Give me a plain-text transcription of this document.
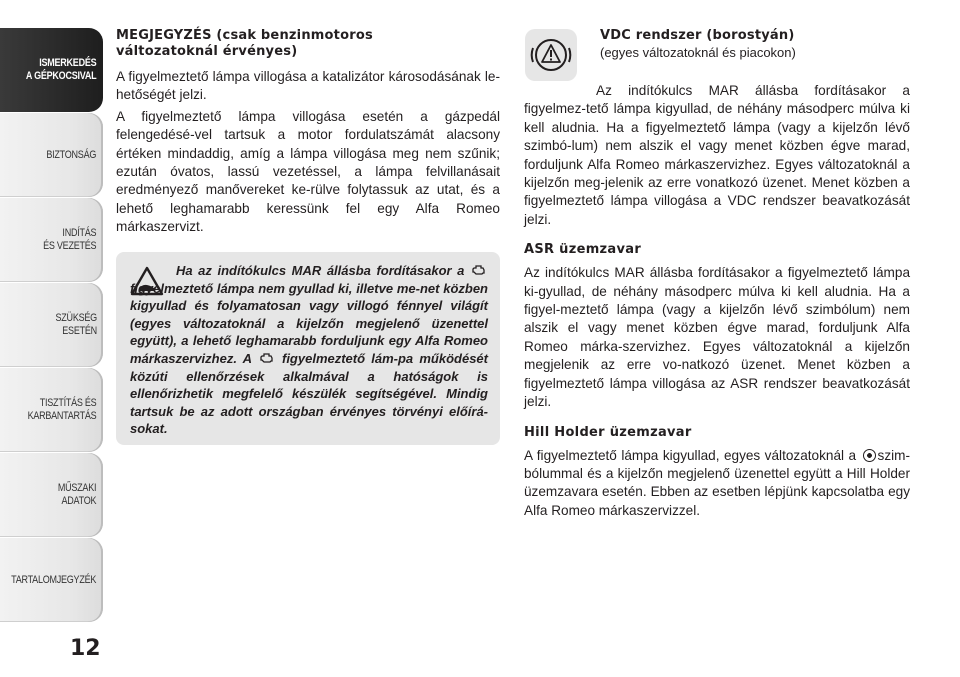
ISMERKEDÉS
A GÉPKOCSIVAL
BIZTONSÁG
INDÍTÁS
ÉS VEZETÉS
SZÜKSÉG
ESETÉN
TISZTÍTÁS ÉS
KARBANTARTÁS
MŰSZAKI
ADATOK
TARTALOMJEGYZÉK
12
MEGJEGYZÉS (csak benzinmotoros
változatoknál érvényes)

A figyelmeztető lámpa villogása a katalizátor károsodásának le-hetőségét jelzi.

A figyelmeztető lámpa villogása esetén a gázpedál felengedésé-vel tartsuk a motor fordulatszámát alacsony értéken mindaddig, amíg a lámpa villogása meg nem szűnik; ezután óvatos, lassú vezetéssel, a lámpa felvillanásait eredményező manővereket ke-rülve folytassuk az utat, és a lehető leghamarabb keressünk fel egy Alfa Romeo márkaszervizt.

Ha az indítókulcs MAR állásba fordításakor a  figyelmeztető lámpa nem gyullad ki, illetve me-net közben kigyullad és folyamatosan vagy villogó fénnyel világít (egyes változatoknál a kijelzőn megjelenő üzenettel együtt), a lehető leghamarabb forduljunk egy Alfa Romeo márkaszervizhez. A figyelmeztető lám-pa működését közúti ellenőrzések alkalmával a hatóságok is ellenőrizhetik megfelelő készülék segítségével. Mindig tartsuk be az adott országban érvényes törvényi előírá-sokat.
VDC rendszer (borostyán)
(egyes változatoknál és piacokon)

Az indítókulcs MAR állásba fordításakor a figyelmez-tető lámpa kigyullad, de néhány másodperc múlva ki kell aludnia. Ha a figyelmeztető lámpa (vagy a kijelzőn lévő szimbó-lum) nem alszik el vagy menet közben égve marad, forduljunk Alfa Romeo márkaszervizhez. Egyes változatoknál a kijelzőn meg-jelenik az erre vonatkozó üzenet. Menet közben a figyelmeztető lámpa villogása a VDC rendszer beavatkozását jelzi.

ASR üzemzavar

Az indítókulcs MAR állásba fordításakor a figyelmeztető lámpa ki-gyullad, de néhány másodperc múlva ki kell aludnia. Ha a figyel-meztető lámpa (vagy a kijelzőn lévő szimbólum) nem alszik el vagy menet közben égve marad, forduljunk Alfa Romeo márka-szervizhez. Egyes változatoknál a kijelzőn megjelenik az erre vo-natkozó üzenet. Menet közben a figyelmeztető lámpa villogása az ASR rendszer beavatkozását jelzi.

Hill Holder üzemzavar

A figyelmeztető lámpa kigyullad, egyes változatoknál a szim-bólummal és a kijelzőn megjelenő üzenettel együtt a Hill Holder üzemzavara esetén. Ebben az esetben lépjünk kapcsolatba egy Alfa Romeo márkaszervizzel.
